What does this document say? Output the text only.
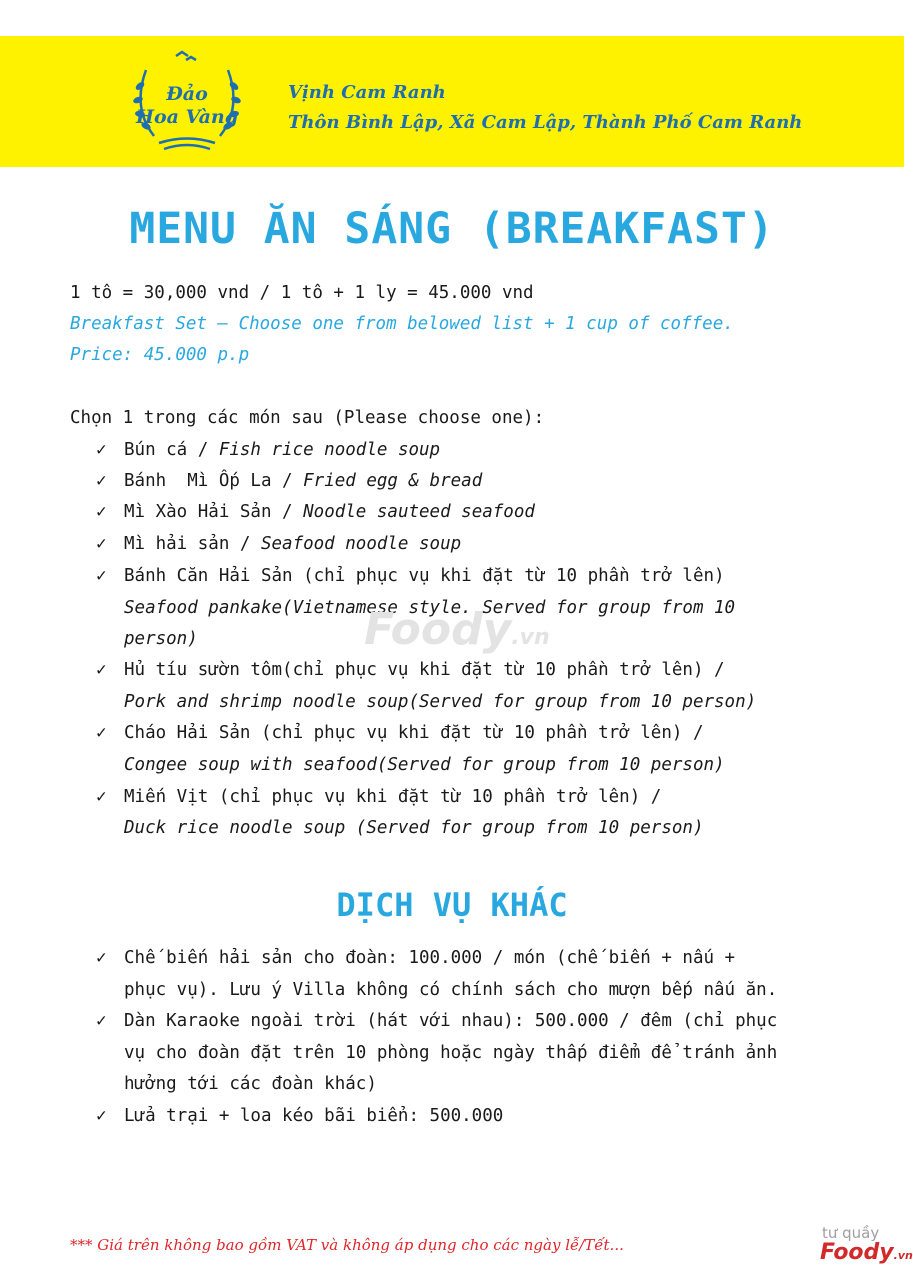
Đảo
Hoa Vàng
Vịnh Cam Ranh
Thôn Bình Lập, Xã Cam Lập, Thành Phố Cam Ranh
MENU ĂN SÁNG (BREAKFAST)
1 tô = 30,000 vnd / 1 tô + 1 ly = 45.000 vnd
Breakfast Set – Choose one from belowed list + 1 cup of coffee.
Price: 45.000 p.p
Chọn 1 trong các món sau (Please choose one):
✓ Bún cá / Fish rice noodle soup
✓ Bánh  Mì Ốp La / Fried egg & bread
✓ Mì Xào Hải Sản / Noodle sauteed seafood
✓ Mì hải sản / Seafood noodle soup
✓ Bánh Căn Hải Sản (chỉ phục vụ khi đặt từ 10 phần trở lên)
Seafood pankake(Vietnamese style. Served for group from 10
person)
✓ Hủ tíu sườn tôm(chỉ phục vụ khi đặt từ 10 phần trở lên) /
Pork and shrimp noodle soup(Served for group from 10 person)
✓ Cháo Hải Sản (chỉ phục vụ khi đặt từ 10 phần trở lên) /
Congee soup with seafood(Served for group from 10 person)
✓ Miến Vịt (chỉ phục vụ khi đặt từ 10 phần trở lên) /
Duck rice noodle soup (Served for group from 10 person)
Foody.vn
DỊCH VỤ KHÁC
✓ Chế biến hải sản cho đoàn: 100.000 / món (chế biến + nấu +
phục vụ). Lưu ý Villa không có chính sách cho mượn bếp nấu ăn.
✓ Dàn Karaoke ngoài trời (hát với nhau): 500.000 / đêm (chỉ phục
vụ cho đoàn đặt trên 10 phòng hoặc ngày thấp điểm để tránh ảnh
hưởng tới các đoàn khác)
✓ Lửa trại + loa kéo bãi biển: 500.000
*** Giá trên không bao gồm VAT và không áp dụng cho các ngày lễ/Tết...
tư quầy
Foody.vn
